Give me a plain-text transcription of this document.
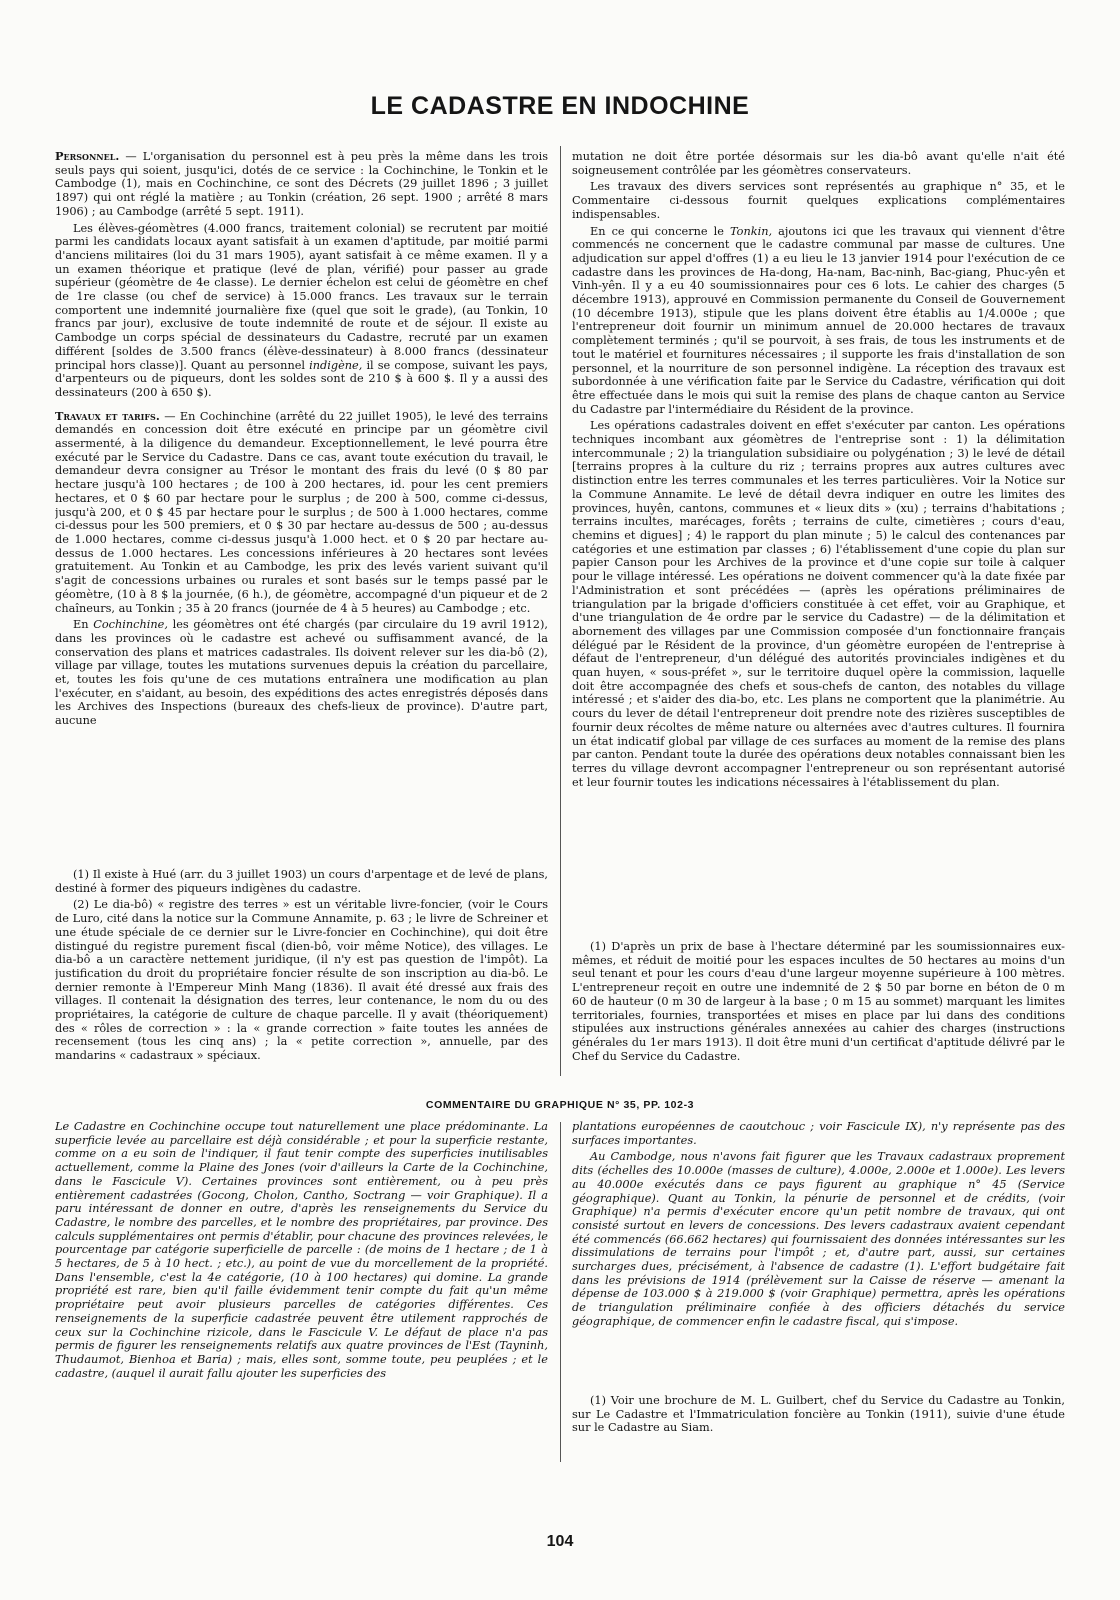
LE CADASTRE EN INDOCHINE

Personnel. — L'organisation du personnel est à peu près la même dans les trois seuls pays qui soient, jusqu'ici, dotés de ce service : la Cochinchine, le Tonkin et le Cambodge (1), mais en Cochinchine, ce sont des Décrets (29 juillet 1896 ; 3 juillet 1897) qui ont réglé la matière ; au Tonkin (création, 26 sept. 1900 ; arrêté 8 mars 1906) ; au Cambodge (arrêté 5 sept. 1911).

Les élèves-géomètres (4.000 francs, traitement colonial) se recrutent par moitié parmi les candidats locaux ayant satisfait à un examen d'aptitude, par moitié parmi d'anciens militaires (loi du 31 mars 1905), ayant satisfait à ce même examen. Il y a un examen théorique et pratique (levé de plan, vérifié) pour passer au grade supérieur (géomètre de 4e classe). Le dernier échelon est celui de géomètre en chef de 1re classe (ou chef de service) à 15.000 francs. Les travaux sur le terrain comportent une indemnité journalière fixe (quel que soit le grade), (au Tonkin, 10 francs par jour), exclusive de toute indemnité de route et de séjour. Il existe au Cambodge un corps spécial de dessinateurs du Cadastre, recruté par un examen différent [soldes de 3.500 francs (élève-dessinateur) à 8.000 francs (dessinateur principal hors classe)]. Quant au personnel indigène, il se compose, suivant les pays, d'arpenteurs ou de piqueurs, dont les soldes sont de 210 $ à 600 $. Il y a aussi des dessinateurs (200 à 650 $).

Travaux et tarifs. — En Cochinchine (arrêté du 22 juillet 1905), le levé des terrains demandés en concession doit être exécuté en principe par un géomètre civil assermenté, à la diligence du demandeur. Exceptionnellement, le levé pourra être exécuté par le Service du Cadastre. Dans ce cas, avant toute exécution du travail, le demandeur devra consigner au Trésor le montant des frais du levé (0 $ 80 par hectare jusqu'à 100 hectares ; de 100 à 200 hectares, id. pour les cent premiers hectares, et 0 $ 60 par hectare pour le surplus ; de 200 à 500, comme ci-dessus, jusqu'à 200, et 0 $ 45 par hectare pour le surplus ; de 500 à 1.000 hectares, comme ci-dessus pour les 500 premiers, et 0 $ 30 par hectare au-dessus de 500 ; au-dessus de 1.000 hectares, comme ci-dessus jusqu'à 1.000 hect. et 0 $ 20 par hectare au-dessus de 1.000 hectares. Les concessions inférieures à 20 hectares sont levées gratuitement. Au Tonkin et au Cambodge, les prix des levés varient suivant qu'il s'agit de concessions urbaines ou rurales et sont basés sur le temps passé par le géomètre, (10 à 8 $ la journée, (6 h.), de géomètre, accompagné d'un piqueur et de 2 chaîneurs, au Tonkin ; 35 à 20 francs (journée de 4 à 5 heures) au Cambodge ; etc.

En Cochinchine, les géomètres ont été chargés (par circulaire du 19 avril 1912), dans les provinces où le cadastre est achevé ou suffisamment avancé, de la conservation des plans et matrices cadastrales. Ils doivent relever sur les dia-bô (2), village par village, toutes les mutations survenues depuis la création du parcellaire, et, toutes les fois qu'une de ces mutations entraînera une modification au plan l'exécuter, en s'aidant, au besoin, des expéditions des actes enregistrés déposés dans les Archives des Inspections (bureaux des chefs-lieux de province). D'autre part, aucune

(1) Il existe à Hué (arr. du 3 juillet 1903) un cours d'arpentage et de levé de plans, destiné à former des piqueurs indigènes du cadastre.

(2) Le dia-bô) « registre des terres » est un véritable livre-foncier, (voir le Cours de Luro, cité dans la notice sur la Commune Annamite, p. 63 ; le livre de Schreiner et une étude spéciale de ce dernier sur le Livre-foncier en Cochinchine), qui doit être distingué du registre purement fiscal (dien-bô, voir même Notice), des villages. Le dia-bô a un caractère nettement juridique, (il n'y est pas question de l'impôt). La justification du droit du propriétaire foncier résulte de son inscription au dia-bô. Le dernier remonte à l'Empereur Minh Mang (1836). Il avait été dressé aux frais des villages. Il contenait la désignation des terres, leur contenance, le nom du ou des propriétaires, la catégorie de culture de chaque parcelle. Il y avait (théoriquement) des « rôles de correction » : la « grande correction » faite toutes les années de recensement (tous les cinq ans) ; la « petite correction », annuelle, par des mandarins « cadastraux » spéciaux.

mutation ne doit être portée désormais sur les dia-bô avant qu'elle n'ait été soigneusement contrôlée par les géomètres conservateurs.

Les travaux des divers services sont représentés au graphique n° 35, et le Commentaire ci-dessous fournit quelques explications complémentaires indispensables.

En ce qui concerne le Tonkin, ajoutons ici que les travaux qui viennent d'être commencés ne concernent que le cadastre communal par masse de cultures. Une adjudication sur appel d'offres (1) a eu lieu le 13 janvier 1914 pour l'exécution de ce cadastre dans les provinces de Ha-dong, Ha-nam, Bac-ninh, Bac-giang, Phuc-yên et Vinh-yên. Il y a eu 40 soumissionnaires pour ces 6 lots. Le cahier des charges (5 décembre 1913), approuvé en Commission permanente du Conseil de Gouvernement (10 décembre 1913), stipule que les plans doivent être établis au 1/4.000e ; que l'entrepreneur doit fournir un minimum annuel de 20.000 hectares de travaux complètement terminés ; qu'il se pourvoit, à ses frais, de tous les instruments et de tout le matériel et fournitures nécessaires ; il supporte les frais d'installation de son personnel, et la nourriture de son personnel indigène. La réception des travaux est subordonnée à une vérification faite par le Service du Cadastre, vérification qui doit être effectuée dans le mois qui suit la remise des plans de chaque canton au Service du Cadastre par l'intermédiaire du Résident de la province.

Les opérations cadastrales doivent en effet s'exécuter par canton. Les opérations techniques incombant aux géomètres de l'entreprise sont : 1) la délimitation intercommunale ; 2) la triangulation subsidiaire ou polygénation ; 3) le levé de détail [terrains propres à la culture du riz ; terrains propres aux autres cultures avec distinction entre les terres communales et les terres particulières. Voir la Notice sur la Commune Annamite. Le levé de détail devra indiquer en outre les limites des provinces, huyên, cantons, communes et « lieux dits » (xu) ; terrains d'habitations ; terrains incultes, marécages, forêts ; terrains de culte, cimetières ; cours d'eau, chemins et digues] ; 4) le rapport du plan minute ; 5) le calcul des contenances par catégories et une estimation par classes ; 6) l'établissement d'une copie du plan sur papier Canson pour les Archives de la province et d'une copie sur toile à calquer pour le village intéressé. Les opérations ne doivent commencer qu'à la date fixée par l'Administration et sont précédées — (après les opérations préliminaires de triangulation par la brigade d'officiers constituée à cet effet, voir au Graphique, et d'une triangulation de 4e ordre par le service du Cadastre) — de la délimitation et abornement des villages par une Commission composée d'un fonctionnaire français délégué par le Résident de la province, d'un géomètre européen de l'entreprise à défaut de l'entrepreneur, d'un délégué des autorités provinciales indigènes et du quan huyen, « sous-préfet », sur le territoire duquel opère la commission, laquelle doit être accompagnée des chefs et sous-chefs de canton, des notables du village intéressé ; et s'aider des dia-bo, etc. Les plans ne comportent que la planimétrie. Au cours du lever de détail l'entrepreneur doit prendre note des rizières susceptibles de fournir deux récoltes de même nature ou alternées avec d'autres cultures. Il fournira un état indicatif global par village de ces surfaces au moment de la remise des plans par canton. Pendant toute la durée des opérations deux notables connaissant bien les terres du village devront accompagner l'entrepreneur ou son représentant autorisé et leur fournir toutes les indications nécessaires à l'établissement du plan.

(1) D'après un prix de base à l'hectare déterminé par les soumissionnaires eux-mêmes, et réduit de moitié pour les espaces incultes de 50 hectares au moins d'un seul tenant et pour les cours d'eau d'une largeur moyenne supérieure à 100 mètres. L'entrepreneur reçoit en outre une indemnité de 2 $ 50 par borne en béton de 0 m 60 de hauteur (0 m 30 de largeur à la base ; 0 m 15 au sommet) marquant les limites territoriales, fournies, transportées et mises en place par lui dans des conditions stipulées aux instructions générales annexées au cahier des charges (instructions générales du 1er mars 1913). Il doit être muni d'un certificat d'aptitude délivré par le Chef du Service du Cadastre.

COMMENTAIRE DU GRAPHIQUE N° 35, PP. 102-3

Le Cadastre en Cochinchine occupe tout naturellement une place prédominante. La superficie levée au parcellaire est déjà considérable ; et pour la superficie restante, comme on a eu soin de l'indiquer, il faut tenir compte des superficies inutilisables actuellement, comme la Plaine des Jones (voir d'ailleurs la Carte de la Cochinchine, dans le Fascicule V). Certaines provinces sont entièrement, ou à peu près entièrement cadastrées (Gocong, Cholon, Cantho, Soctrang — voir Graphique). Il a paru intéressant de donner en outre, d'après les renseignements du Service du Cadastre, le nombre des parcelles, et le nombre des propriétaires, par province. Des calculs supplémentaires ont permis d'établir, pour chacune des provinces relevées, le pourcentage par catégorie superficielle de parcelle : (de moins de 1 hectare ; de 1 à 5 hectares, de 5 à 10 hect. ; etc.), au point de vue du morcellement de la propriété. Dans l'ensemble, c'est la 4e catégorie, (10 à 100 hectares) qui domine. La grande propriété est rare, bien qu'il faille évidemment tenir compte du fait qu'un même propriétaire peut avoir plusieurs parcelles de catégories différentes. Ces renseignements de la superficie cadastrée peuvent être utilement rapprochés de ceux sur la Cochinchine rizicole, dans le Fascicule V. Le défaut de place n'a pas permis de figurer les renseignements relatifs aux quatre provinces de l'Est (Tayninh, Thudaumot, Bienhoa et Baria) ; mais, elles sont, somme toute, peu peuplées ; et le cadastre, (auquel il aurait fallu ajouter les superficies des

plantations européennes de caoutchouc ; voir Fascicule IX), n'y représente pas des surfaces importantes.

Au Cambodge, nous n'avons fait figurer que les Travaux cadastraux proprement dits (échelles des 10.000e (masses de culture), 4.000e, 2.000e et 1.000e). Les levers au 40.000e exécutés dans ce pays figurent au graphique n° 45 (Service géographique). Quant au Tonkin, la pénurie de personnel et de crédits, (voir Graphique) n'a permis d'exécuter encore qu'un petit nombre de travaux, qui ont consisté surtout en levers de concessions. Des levers cadastraux avaient cependant été commencés (66.662 hectares) qui fournissaient des données intéressantes sur les dissimulations de terrains pour l'impôt ; et, d'autre part, aussi, sur certaines surcharges dues, précisément, à l'absence de cadastre (1). L'effort budgétaire fait dans les prévisions de 1914 (prélèvement sur la Caisse de réserve — amenant la dépense de 103.000 $ à 219.000 $ (voir Graphique) permettra, après les opérations de triangulation préliminaire confiée à des officiers détachés du service géographique, de commencer enfin le cadastre fiscal, qui s'impose.

(1) Voir une brochure de M. L. Guilbert, chef du Service du Cadastre au Tonkin, sur Le Cadastre et l'Immatriculation foncière au Tonkin (1911), suivie d'une étude sur le Cadastre au Siam.

104
